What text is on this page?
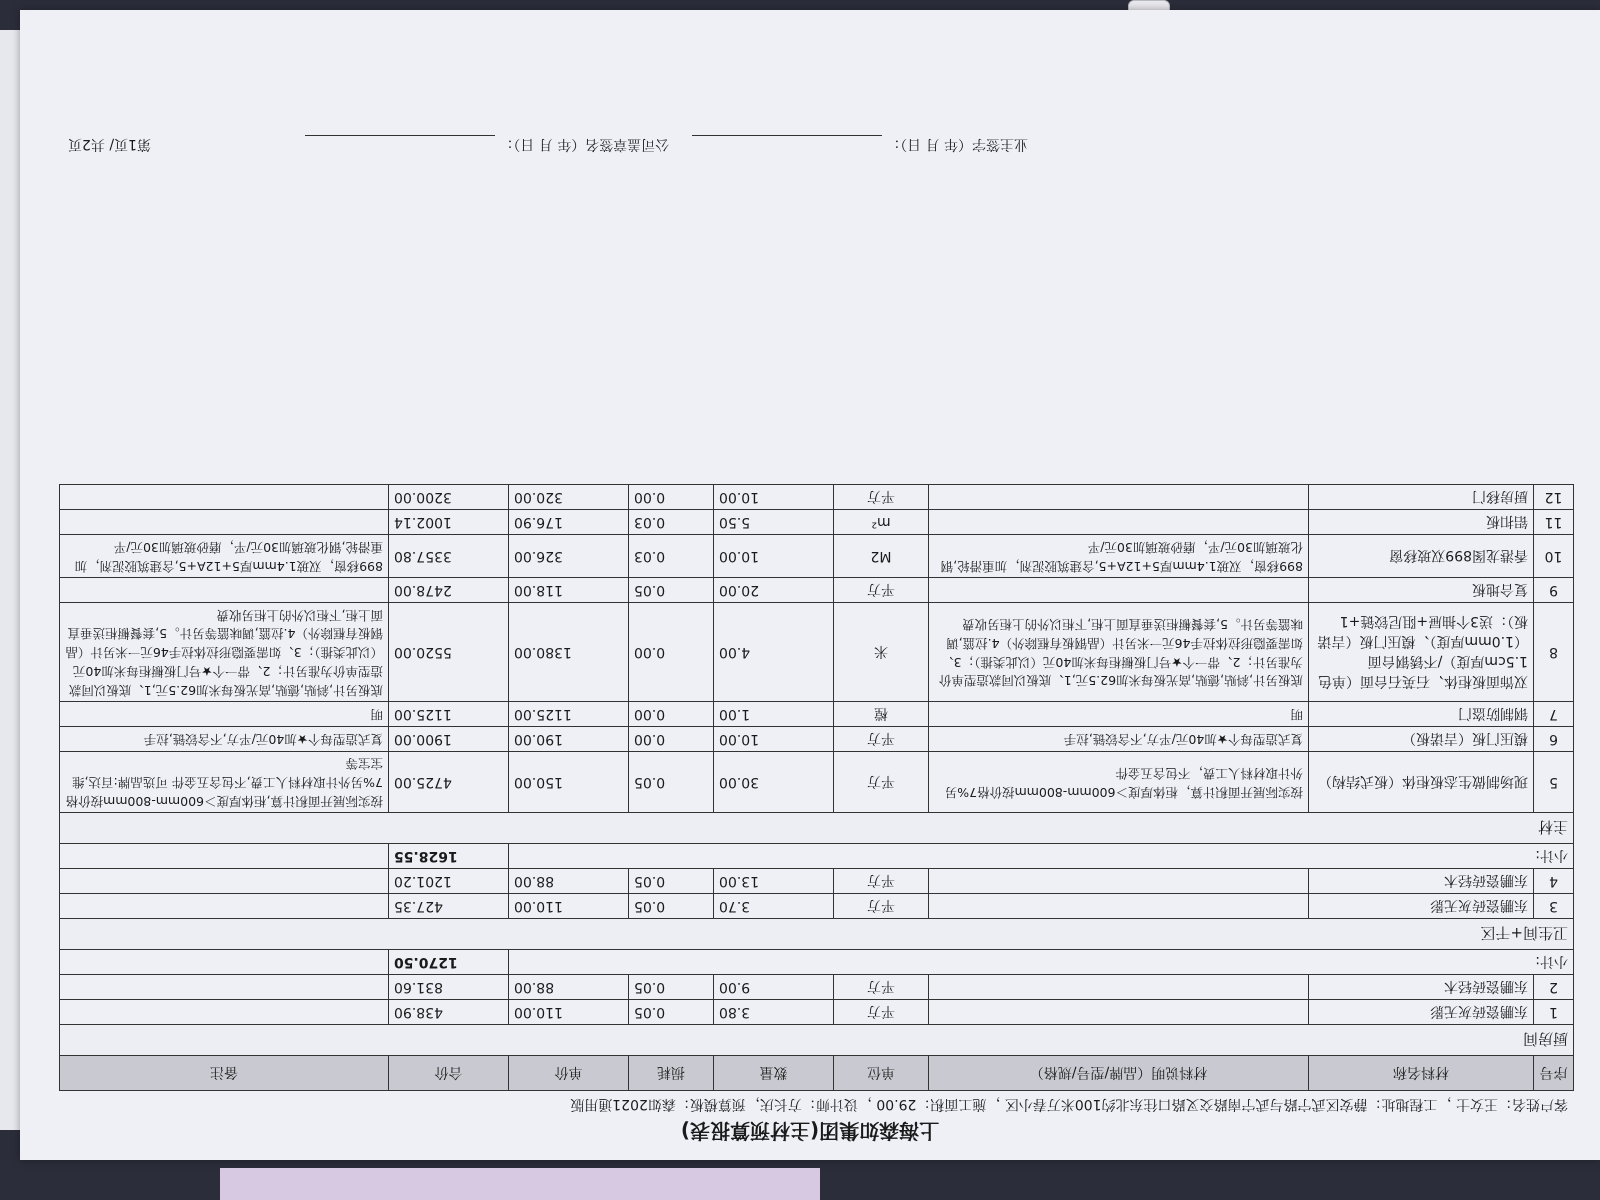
上海森如集团(主材预算报表)
客户姓名：王女士 ，工程地址：静安区武宁路与武宁南路交叉路口往东北约100米万春小区 ，施工面积：29.00 ，设计师：方长庆，预算模板：森如2021通用版
序号	材料名称	材料说明（品牌/型号/规格）	单位	数量	损耗	单价	合价	备注
厨房间								
1	东鹏瓷砖灰无影		平方	3.80	0.05	110.00	438.90	
2	东鹏瓷砖轻木		平方	9.00	0.05	88.00	831.60	
小计:							1270.50	
卫生间+干区								
3	东鹏瓷砖灰无影		平方	3.70	0.05	110.00	427.35	
4	东鹏瓷砖轻木		平方	13.00	0.05	88.00	1201.20	
小计:							1628.55	
主材								
5	现场制做生态板柜体（板式结构）	按实际展开面积计算，柜体厚度＞600mm-800mm按价格7%另外计取材料人工费，不包含五金件	平方	30.00	0.05	150.00	4725.00	按实际展开面积计算,柜体厚度＞600mm-800mm按价格7%另外计取材料人工费,不包含五金件 可选品牌:百达,维宝宝等
6	模压门板（吉诺板）	复式造型每个★加40元/平方,不含铰链,拉手	平方	10.00	0.00	190.00	1900.00	复式造型每个★加40元/平方,不含铰链,拉手
7	钢制防盗门	明	樘	1.00	0.00	1125.00	1125.00	明
8	双饰面板柜体、石英石台面（单色1.5cm厚度）/不锈钢台面（1.0mm厚度）、模压门板（吉诺板）：送3个抽屉+阻尼铰链+1	底板另计,斜贴,德贴,高光板每米加62.5元,1、底板以同款造型单价为准另计；2、带一个★号门板橱柜每米加40元（以此类推）；3、如需要隐形拉体拉手46元一米另计（晶钢板有框除外）4.拉篮,调味篮等另计。5,套餐橱柜送垂直面上柜,下柜以外的上柜另收费	米	4.00	0.00	1380.00	5520.00	底板另计,斜贴,德贴,高光板每米加62.5元,1、底板以同款造型单价为准另计；2、带一个★号门板橱柜每米加40元（以此类推）；3、如需要隐形拉体拉手46元一米另计（晶钢板有框除外）4.拉篮,调味篮等另计。5,套餐橱柜送垂直面上柜,下柜以外的上柜另收费
9	复合地板		平方	20.00	0.05	118.00	2478.00	
10	香港龙图899双玻移窗	899移窗，双玻1.4mm厚5+12A+5,含建筑胶泥剂，加重滑轮,钢化玻璃加30元/平，磨砂玻璃加30元/平	M2	10.00	0.03	326.00	3357.80	899移窗，双玻1.4mm厚5+12A+5,含建筑胶泥剂，加重滑轮,钢化玻璃加30元/平，磨砂玻璃加30元/平
11	铝扣板		m²	5.50	0.03	176.90	1002.14	
12	厨房移门		平方	10.00	0.00	320.00	3200.00	
业主签字（年 月 日）：  公司盖章签名（年 月 日）：
第1页/ 共2页
